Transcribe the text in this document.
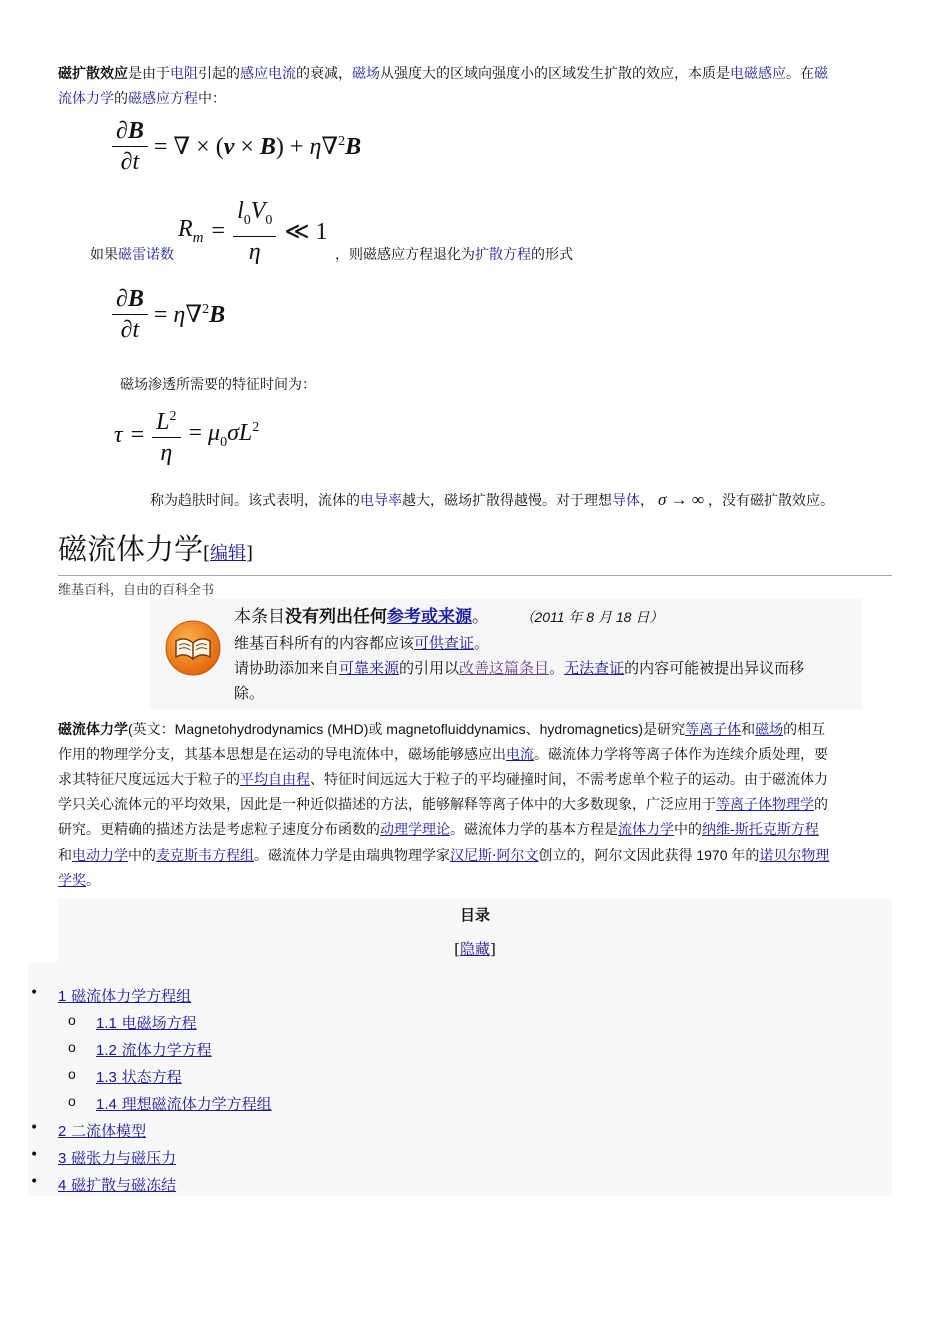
磁扩散效应是由于电阻引起的感应电流的衰减，磁场从强度大的区域向强度小的区域发生扩散的效应，本质是电磁感应。在磁
流体力学的磁感应方程中：
$\frac{\partial B}{\partial t}$ = ∇ × (v × B) + η∇$^2$B
$R_m = \frac{l_0V_0}{\eta}$ ≪ 1
如果磁雷诺数	，则磁感应方程退化为扩散方程的形式
$\frac{\partial B}{\partial t} = \eta\nabla^2B$
磁场渗透所需要的特征时间为：
$\tau = \frac{L^2}{\eta} = \mu_0\sigma L^2$
称为趋肤时间。该式表明，流体的 电导率 越大，磁场扩散得越慢。对于理想 导体 ， σ → ∞ ，没有磁扩散效应。
磁流体力学[编辑]
维基百科，自由的百科全书
本条目没有列出任何参考或来源。 （2011 年 8 月 18 日）
维基百科所有的内容都应该可供查证。
请协助添加来自可靠来源的引用以改善这篇条目。无法查证的内容可能被提出异议而移
除。
磁流体力学(英文：Magnetohydrodynamics (MHD)或 magnetofluiddynamics、hydromagnetics)是研究等离子体和磁场的相互
作用的物理学分支，其基本思想是在运动的导电流体中，磁场能够感应出电流。磁流体力学将等离子体作为连续介质处理，要
求其特征尺度远远大于粒子的平均自由程、特征时间远远大于粒子的平均碰撞时间，不需考虑单个粒子的运动。由于磁流体力
学只关心流体元的平均效果，因此是一种近似描述的方法，能够解释等离子体中的大多数现象，广泛应用于等离子体物理学的
研究。更精确的描述方法是考虑粒子速度分布函数的动理学理论。磁流体力学的基本方程是流体力学中的纳维-斯托克斯方程
和电动力学中的麦克斯韦方程组。磁流体力学是由瑞典物理学家汉尼斯·阿尔文创立的，阿尔文因此获得 1970 年的诺贝尔物理
学奖。
目录
[隐藏]
• 1 磁流体力学方程组
o 1.1 电磁场方程
o 1.2 流体力学方程
o 1.3 状态方程
o 1.4 理想磁流体力学方程组
• 2 二流体模型
• 3 磁张力与磁压力
• 4 磁扩散与磁冻结
